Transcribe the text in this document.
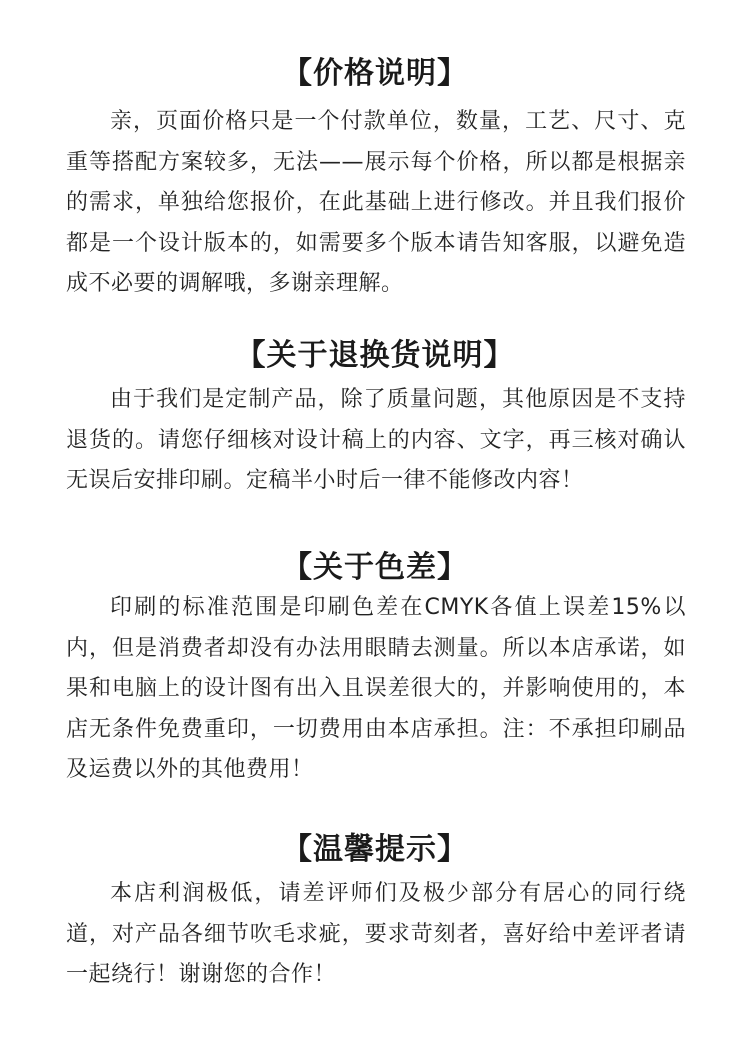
【价格说明】

亲，页面价格只是一个付款单位，数量，工艺、尺寸、克重等搭配方案较多，无法——展示每个价格，所以都是根据亲的需求，单独给您报价，在此基础上进行修改。并且我们报价都是一个设计版本的，如需要多个版本请告知客服，以避免造成不必要的调解哦，多谢亲理解。

【关于退换货说明】

由于我们是定制产品，除了质量问题，其他原因是不支持退货的。请您仔细核对设计稿上的内容、文字，再三核对确认无误后安排印刷。定稿半小时后一律不能修改内容！

【关于色差】

印刷的标准范围是印刷色差在CMYK各值上误差15%以内，但是消费者却没有办法用眼睛去测量。所以本店承诺，如果和电脑上的设计图有出入且误差很大的，并影响使用的，本店无条件免费重印，一切费用由本店承担。注：不承担印刷品及运费以外的其他费用！

【温馨提示】

本店利润极低，请差评师们及极少部分有居心的同行绕道，对产品各细节吹毛求疵，要求苛刻者，喜好给中差评者请一起绕行！谢谢您的合作！
